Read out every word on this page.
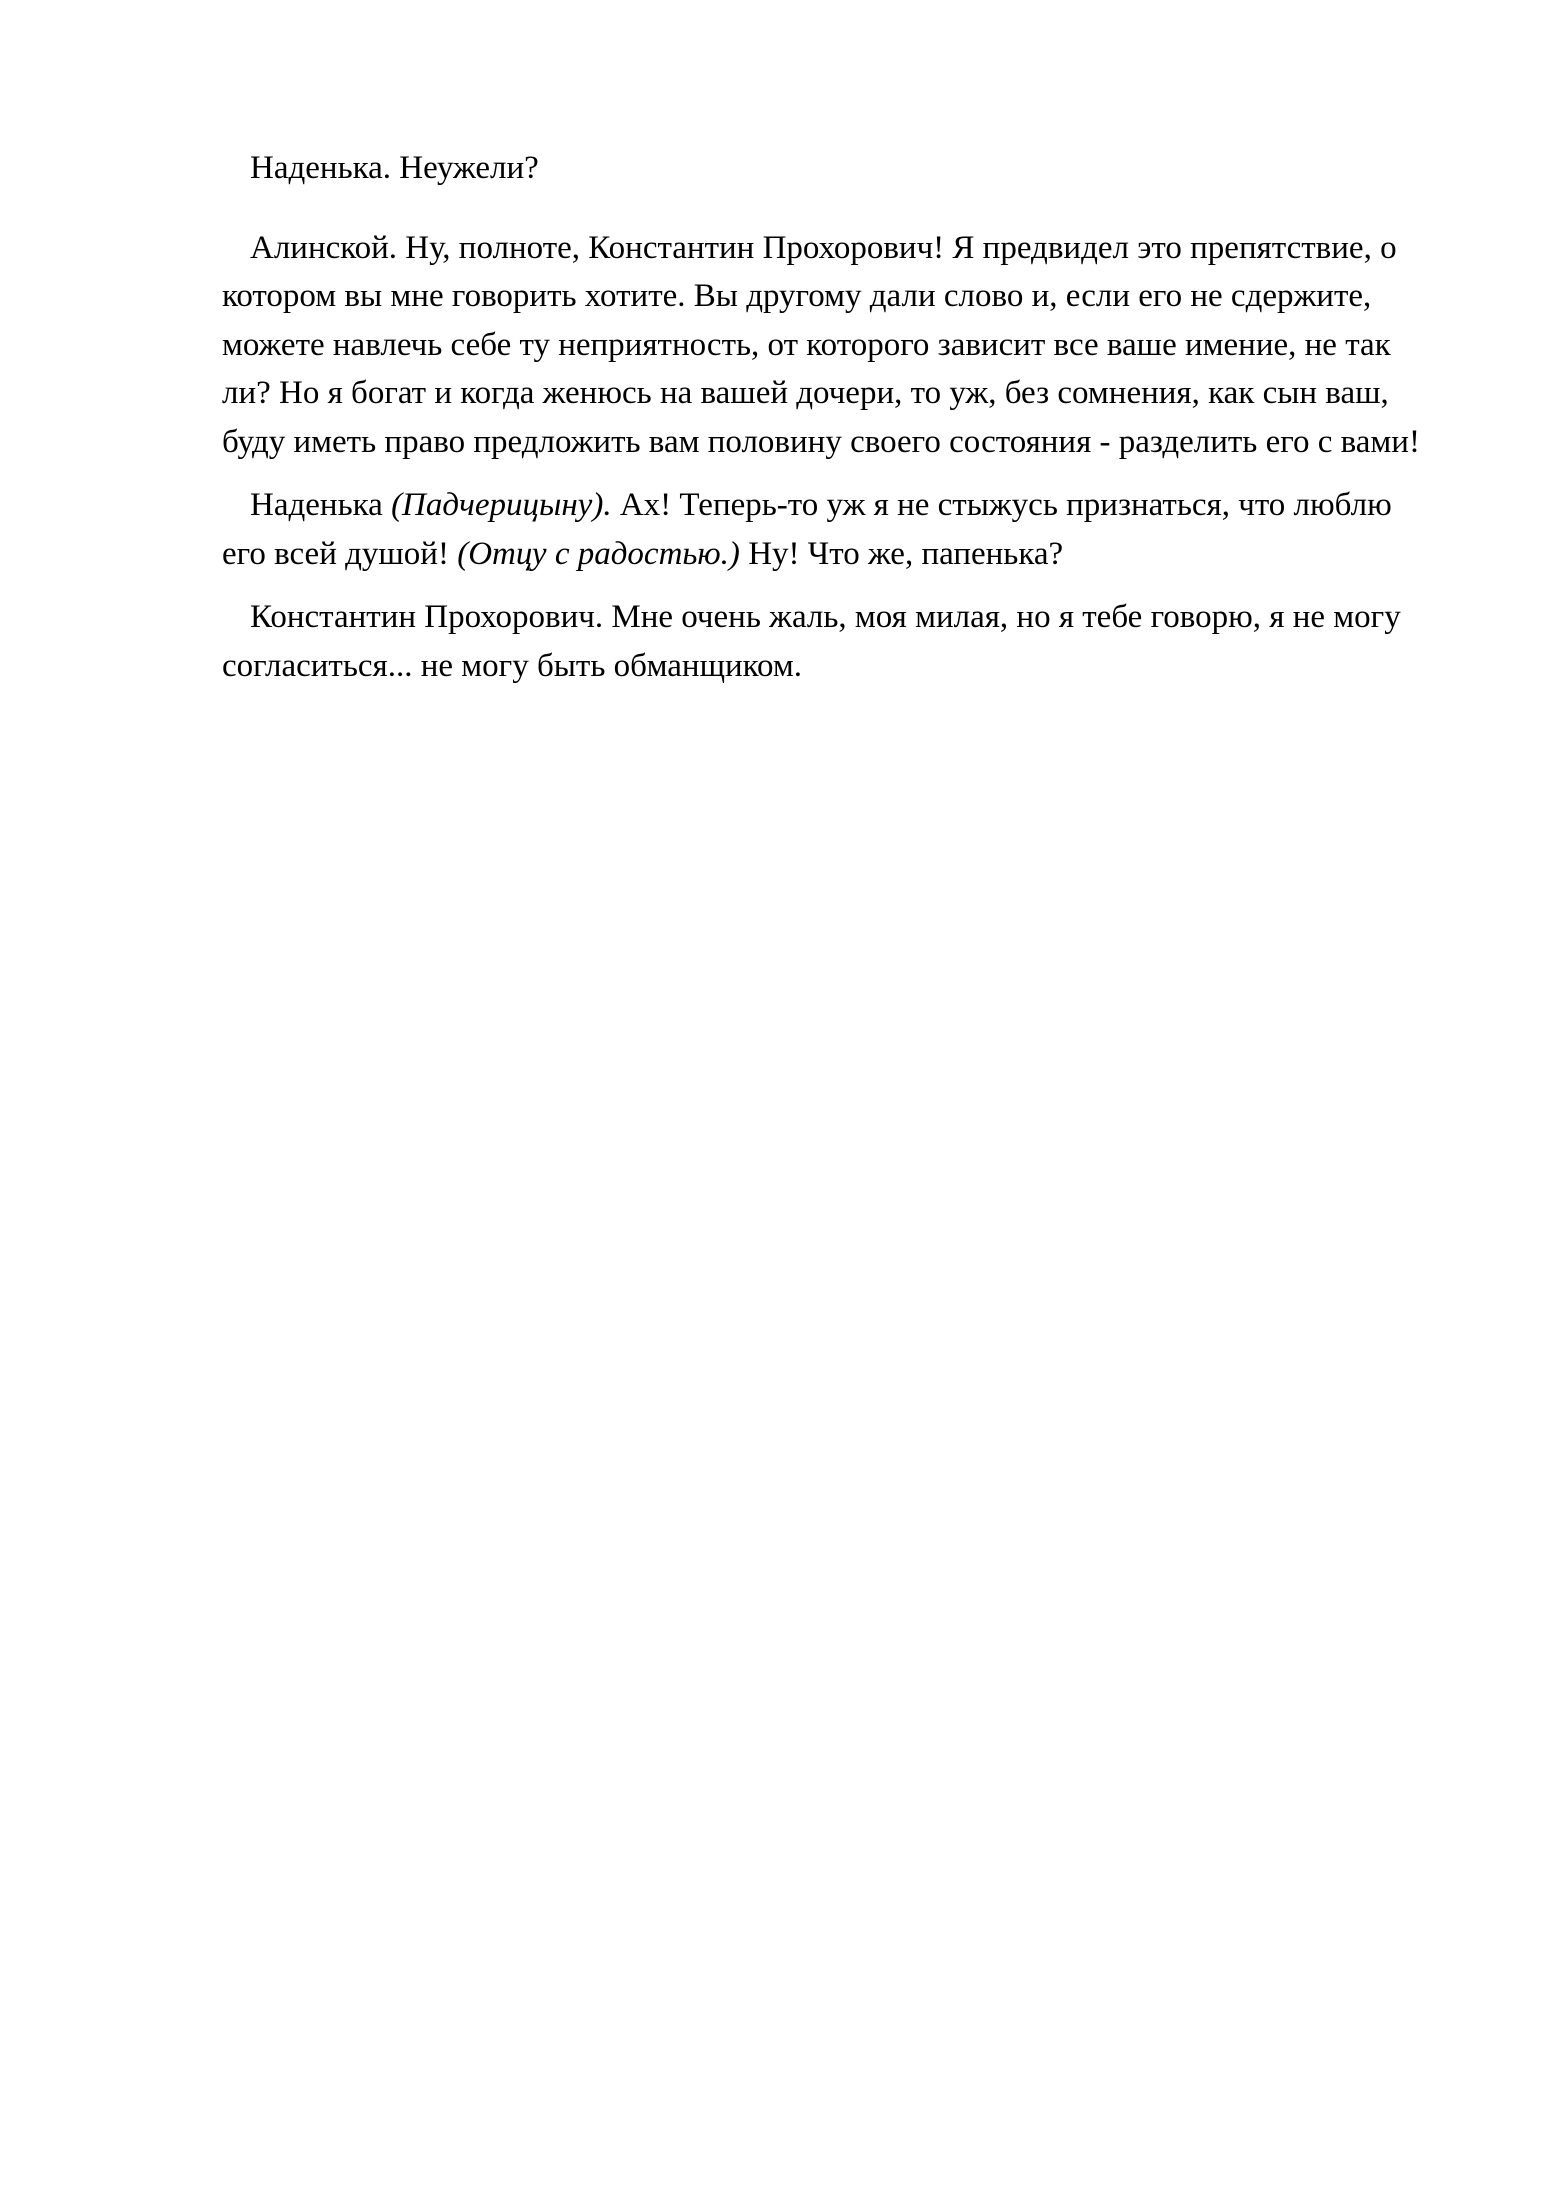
Наденька. Неужели?

Алинской. Ну, полноте, Константин Прохорович! Я предвидел это препятствие, о котором вы мне говорить хотите. Вы другому дали слово и, если его не сдержите, можете навлечь себе ту неприятность, от которого зависит все ваше имение, не так ли? Но я богат и когда женюсь на вашей дочери, то уж, без сомнения, как сын ваш, буду иметь право предложить вам половину своего состояния - разделить его с вами!

Наденька (Падчерицыну). Ах! Теперь-то уж я не стыжусь признаться, что люблю его всей душой! (Отцу с радостью.) Ну! Что же, папенька?

Константин Прохорович. Мне очень жаль, моя милая, но я тебе говорю, я не могу согласиться... не могу быть обманщиком.
